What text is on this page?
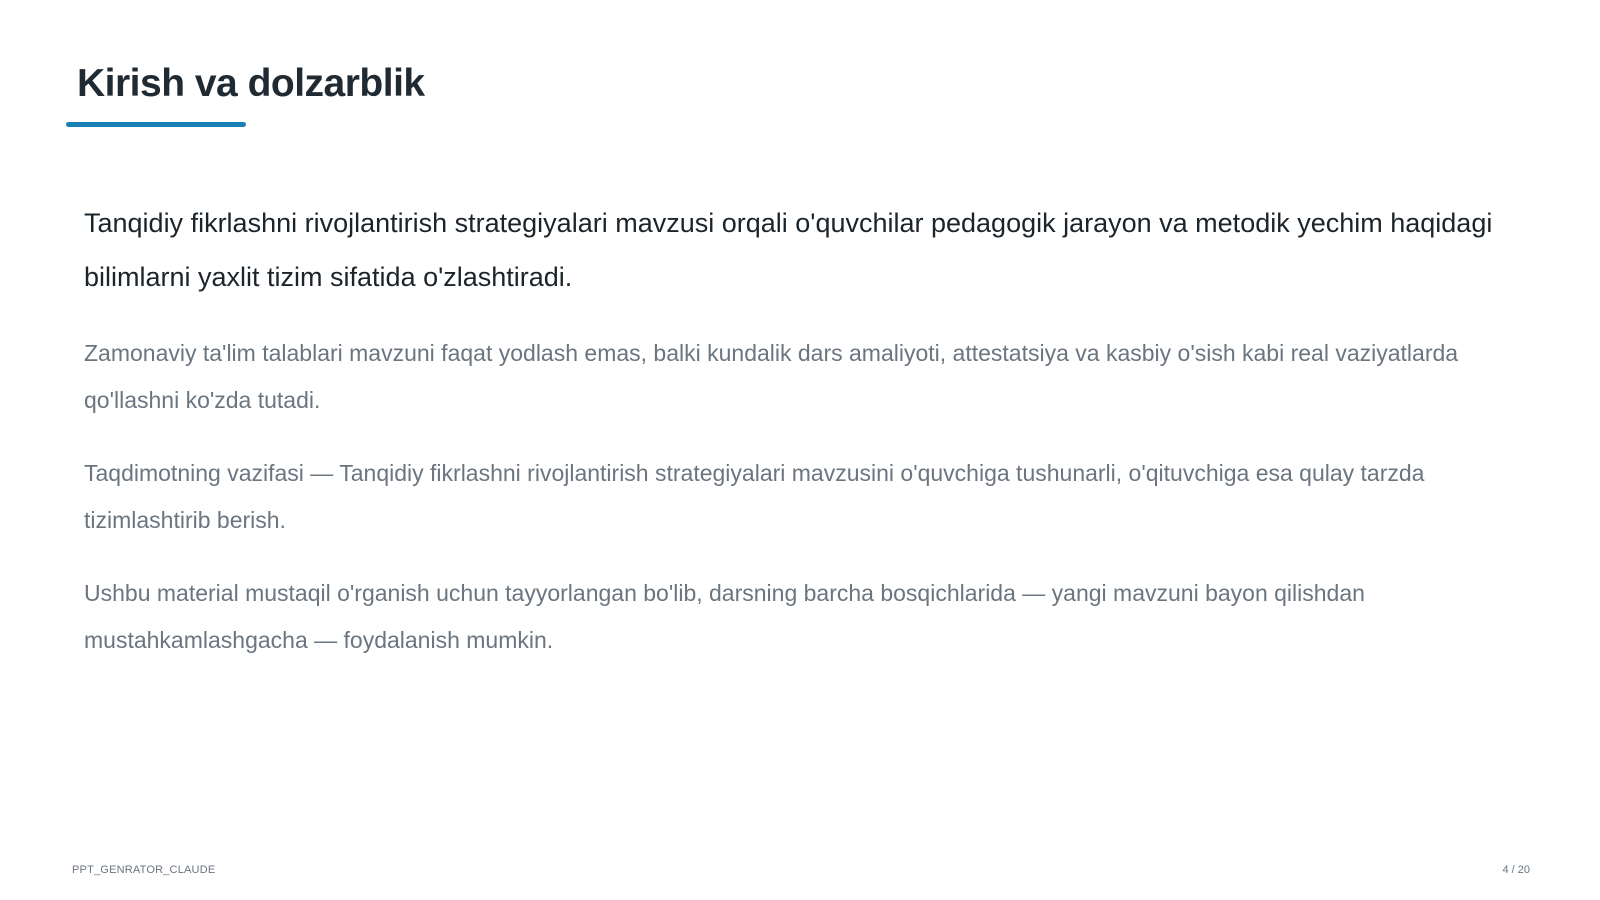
Kirish va dolzarblik

Tanqidiy fikrlashni rivojlantirish strategiyalari mavzusi orqali o'quvchilar pedagogik jarayon va metodik yechim haqidagi bilimlarni yaxlit tizim sifatida o'zlashtiradi.

Zamonaviy ta'lim talablari mavzuni faqat yodlash emas, balki kundalik dars amaliyoti, attestatsiya va kasbiy o'sish kabi real vaziyatlarda qo'llashni ko'zda tutadi.

Taqdimotning vazifasi — Tanqidiy fikrlashni rivojlantirish strategiyalari mavzusini o'quvchiga tushunarli, o'qituvchiga esa qulay tarzda tizimlashtirib berish.

Ushbu material mustaqil o'rganish uchun tayyorlangan bo'lib, darsning barcha bosqichlarida — yangi mavzuni bayon qilishdan mustahkamlashgacha — foydalanish mumkin.

PPT_GENRATOR_CLAUDE	4 / 20
